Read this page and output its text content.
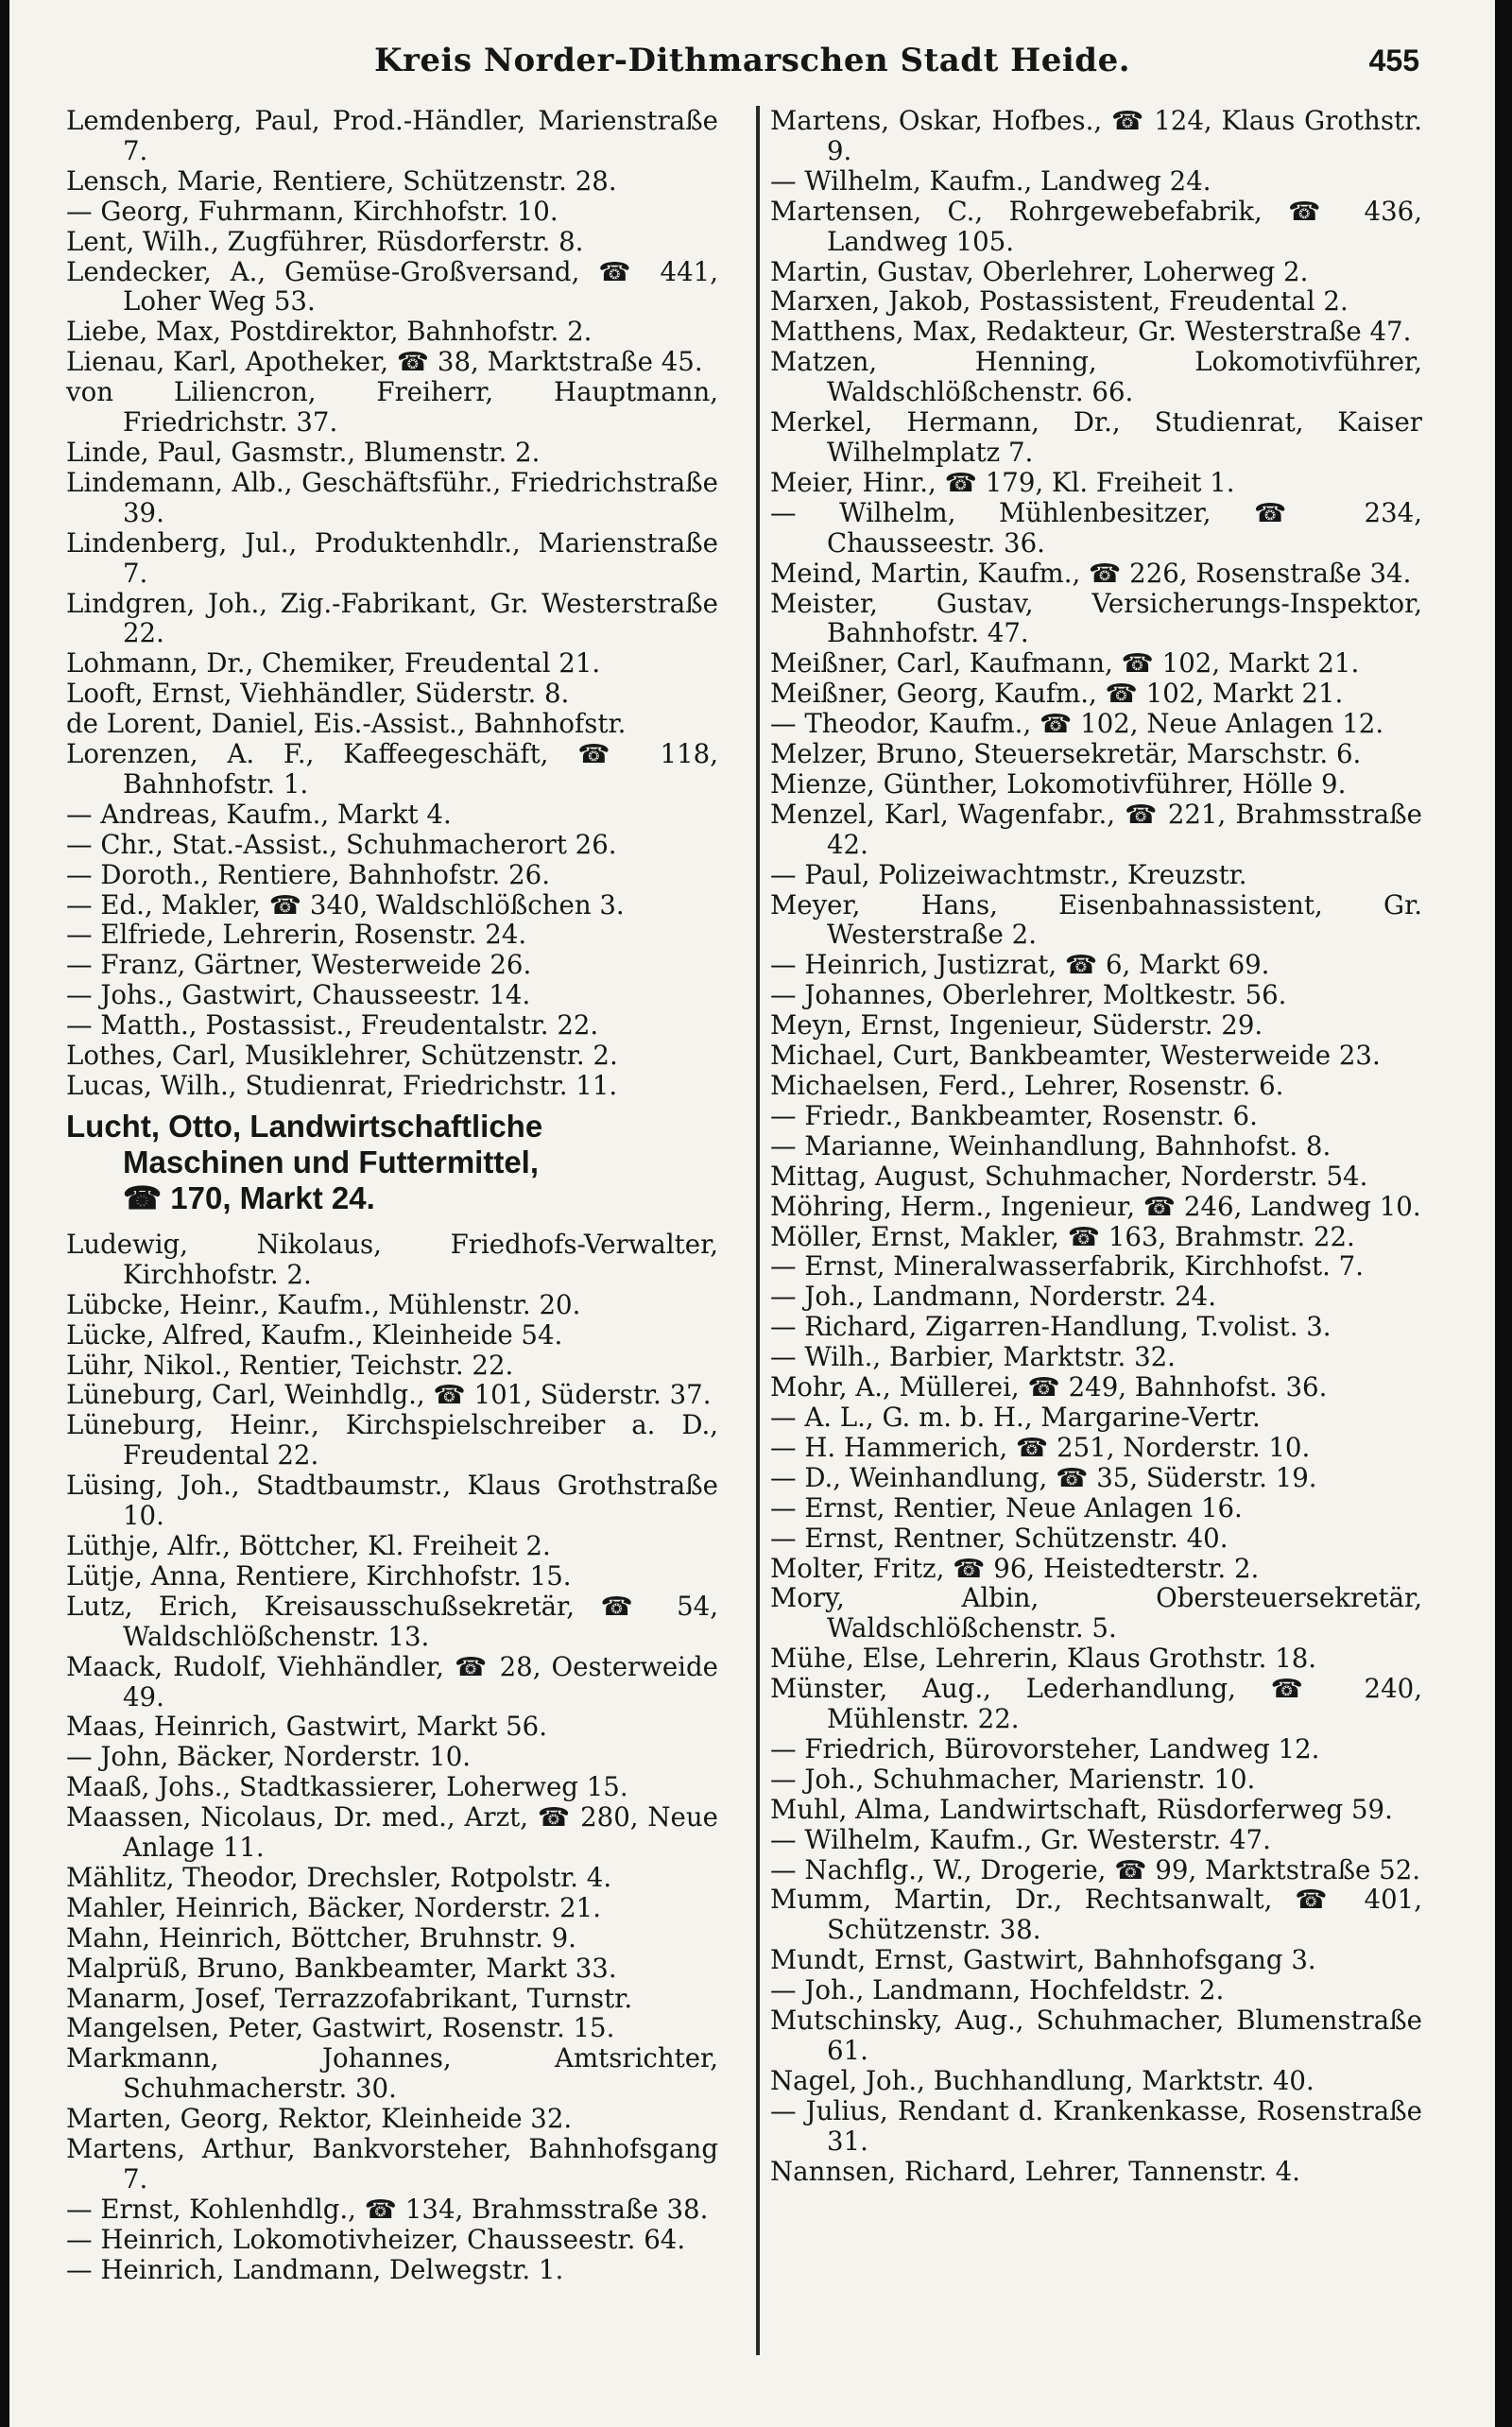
Kreis Norder-Dithmarschen Stadt Heide.	455
Lemdenberg, Paul, Prod.-Händler, Marienstraße 7.
Lensch, Marie, Rentiere, Schützenstr. 28.
— Georg, Fuhrmann, Kirchhofstr. 10.
Lent, Wilh., Zugführer, Rüsdorferstr. 8.
Lendecker, A., Gemüse-Großversand, ☎ 441, Loher Weg 53.
Liebe, Max, Postdirektor, Bahnhofstr. 2.
Lienau, Karl, Apotheker, ☎ 38, Marktstraße 45.
von Liliencron, Freiherr, Hauptmann, Friedrichstr. 37.
Linde, Paul, Gasmstr., Blumenstr. 2.
Lindemann, Alb., Geschäftsführ., Friedrichstraße 39.
Lindenberg, Jul., Produktenhdlr., Marienstraße 7.
Lindgren, Joh., Zig.-Fabrikant, Gr. Westerstraße 22.
Lohmann, Dr., Chemiker, Freudental 21.
Looft, Ernst, Viehhändler, Süderstr. 8.
de Lorent, Daniel, Eis.-Assist., Bahnhofstr.
Lorenzen, A. F., Kaffeegeschäft, ☎ 118, Bahnhofstr. 1.
— Andreas, Kaufm., Markt 4.
— Chr., Stat.-Assist., Schuhmacherort 26.
— Doroth., Rentiere, Bahnhofstr. 26.
— Ed., Makler, ☎ 340, Waldschlößchen 3.
— Elfriede, Lehrerin, Rosenstr. 24.
— Franz, Gärtner, Westerweide 26.
— Johs., Gastwirt, Chausseestr. 14.
— Matth., Postassist., Freudentalstr. 22.
Lothes, Carl, Musiklehrer, Schützenstr. 2.
Lucas, Wilh., Studienrat, Friedrichstr. 11.
Lucht, Otto, Landwirtschaftliche
Maschinen und Futtermittel,
☎ 170, Markt 24.
Ludewig, Nikolaus, Friedhofs-Verwalter, Kirchhofstr. 2.
Lübcke, Heinr., Kaufm., Mühlenstr. 20.
Lücke, Alfred, Kaufm., Kleinheide 54.
Lühr, Nikol., Rentier, Teichstr. 22.
Lüneburg, Carl, Weinhdlg., ☎ 101, Süderstr. 37.
Lüneburg, Heinr., Kirchspielschreiber a. D., Freudental 22.
Lüsing, Joh., Stadtbaumstr., Klaus Grothstraße 10.
Lüthje, Alfr., Böttcher, Kl. Freiheit 2.
Lütje, Anna, Rentiere, Kirchhofstr. 15.
Lutz, Erich, Kreisausschußsekretär, ☎ 54, Waldschlößchenstr. 13.
Maack, Rudolf, Viehhändler, ☎ 28, Oesterweide 49.
Maas, Heinrich, Gastwirt, Markt 56.
— John, Bäcker, Norderstr. 10.
Maaß, Johs., Stadtkassierer, Loherweg 15.
Maassen, Nicolaus, Dr. med., Arzt, ☎ 280, Neue Anlage 11.
Mählitz, Theodor, Drechsler, Rotpolstr. 4.
Mahler, Heinrich, Bäcker, Norderstr. 21.
Mahn, Heinrich, Böttcher, Bruhnstr. 9.
Malprüß, Bruno, Bankbeamter, Markt 33.
Manarm, Josef, Terrazzofabrikant, Turnstr.
Mangelsen, Peter, Gastwirt, Rosenstr. 15.
Markmann, Johannes, Amtsrichter, Schuhmacherstr. 30.
Marten, Georg, Rektor, Kleinheide 32.
Martens, Arthur, Bankvorsteher, Bahnhofsgang 7.
— Ernst, Kohlenhdlg., ☎ 134, Brahmsstraße 38.
— Heinrich, Lokomotivheizer, Chausseestr. 64.
— Heinrich, Landmann, Delwegstr. 1.
Martens, Oskar, Hofbes., ☎ 124, Klaus Grothstr. 9.
— Wilhelm, Kaufm., Landweg 24.
Martensen, C., Rohrgewebefabrik, ☎ 436, Landweg 105.
Martin, Gustav, Oberlehrer, Loherweg 2.
Marxen, Jakob, Postassistent, Freudental 2.
Matthens, Max, Redakteur, Gr. Westerstraße 47.
Matzen, Henning, Lokomotivführer, Waldschlößchenstr. 66.
Merkel, Hermann, Dr., Studienrat, Kaiser Wilhelmplatz 7.
Meier, Hinr., ☎ 179, Kl. Freiheit 1.
— Wilhelm, Mühlenbesitzer, ☎ 234, Chausseestr. 36.
Meind, Martin, Kaufm., ☎ 226, Rosenstraße 34.
Meister, Gustav, Versicherungs-Inspektor, Bahnhofstr. 47.
Meißner, Carl, Kaufmann, ☎ 102, Markt 21.
Meißner, Georg, Kaufm., ☎ 102, Markt 21.
— Theodor, Kaufm., ☎ 102, Neue Anlagen 12.
Melzer, Bruno, Steuersekretär, Marschstr. 6.
Mienze, Günther, Lokomotivführer, Hölle 9.
Menzel, Karl, Wagenfabr., ☎ 221, Brahmsstraße 42.
— Paul, Polizeiwachtmstr., Kreuzstr.
Meyer, Hans, Eisenbahnassistent, Gr. Westerstraße 2.
— Heinrich, Justizrat, ☎ 6, Markt 69.
— Johannes, Oberlehrer, Moltkestr. 56.
Meyn, Ernst, Ingenieur, Süderstr. 29.
Michael, Curt, Bankbeamter, Westerweide 23.
Michaelsen, Ferd., Lehrer, Rosenstr. 6.
— Friedr., Bankbeamter, Rosenstr. 6.
— Marianne, Weinhandlung, Bahnhofst. 8.
Mittag, August, Schuhmacher, Norderstr. 54.
Möhring, Herm., Ingenieur, ☎ 246, Landweg 10.
Möller, Ernst, Makler, ☎ 163, Brahmstr. 22.
— Ernst, Mineralwasserfabrik, Kirchhofst. 7.
— Joh., Landmann, Norderstr. 24.
— Richard, Zigarren-Handlung, T.volist. 3.
— Wilh., Barbier, Marktstr. 32.
Mohr, A., Müllerei, ☎ 249, Bahnhofst. 36.
— A. L., G. m. b. H., Margarine-Vertr.
— H. Hammerich, ☎ 251, Norderstr. 10.
— D., Weinhandlung, ☎ 35, Süderstr. 19.
— Ernst, Rentier, Neue Anlagen 16.
— Ernst, Rentner, Schützenstr. 40.
Molter, Fritz, ☎ 96, Heistedterstr. 2.
Mory, Albin, Obersteuersekretär, Waldschlößchenstr. 5.
Mühe, Else, Lehrerin, Klaus Grothstr. 18.
Münster, Aug., Lederhandlung, ☎ 240, Mühlenstr. 22.
— Friedrich, Bürovorsteher, Landweg 12.
— Joh., Schuhmacher, Marienstr. 10.
Muhl, Alma, Landwirtschaft, Rüsdorferweg 59.
— Wilhelm, Kaufm., Gr. Westerstr. 47.
— Nachflg., W., Drogerie, ☎ 99, Marktstraße 52.
Mumm, Martin, Dr., Rechtsanwalt, ☎ 401, Schützenstr. 38.
Mundt, Ernst, Gastwirt, Bahnhofsgang 3.
— Joh., Landmann, Hochfeldstr. 2.
Mutschinsky, Aug., Schuhmacher, Blumenstraße 61.
Nagel, Joh., Buchhandlung, Marktstr. 40.
— Julius, Rendant d. Krankenkasse, Rosenstraße 31.
Nannsen, Richard, Lehrer, Tannenstr. 4.
